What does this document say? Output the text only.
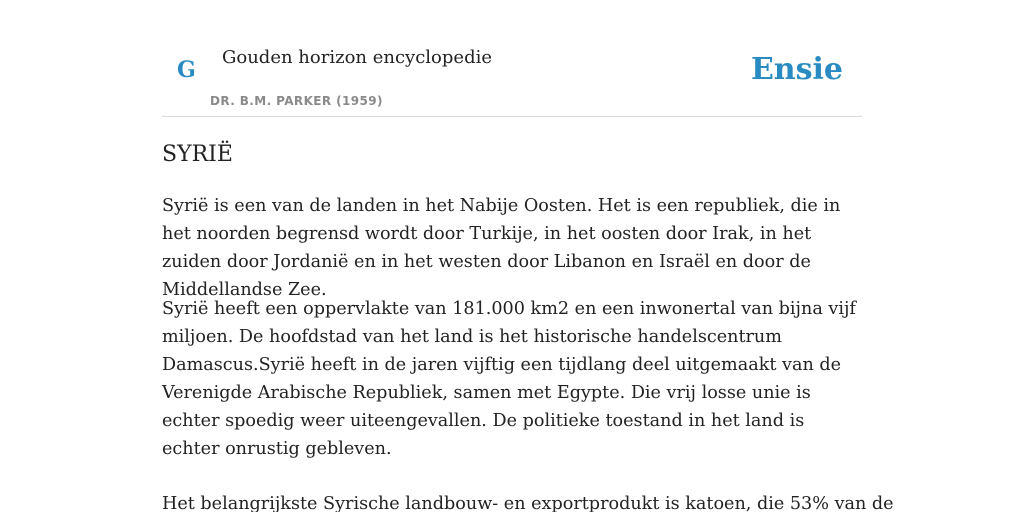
G Gouden horizon encyclopedie
DR. B.M. PARKER (1959)
Ensie
SYRIË

Syrië is een van de landen in het Nabije Oosten. Het is een republiek, die in het noorden begrensd wordt door Turkije, in het oosten door Irak, in het zuiden door Jordanië en in het westen door Libanon en Israël en door de Middellandse Zee.

Syrië heeft een oppervlakte van 181.000 km2 en een inwonertal van bijna vijf miljoen. De hoofdstad van het land is het historische handelscentrum Damascus.Syrië heeft in de jaren vijftig een tijdlang deel uitgemaakt van de Verenigde Arabische Republiek, samen met Egypte. Die vrij losse unie is echter spoedig weer uiteengevallen. De politieke toestand in het land is echter onrustig gebleven.

Het belangrijkste Syrische landbouw- en exportprodukt is katoen, die 53% van de
